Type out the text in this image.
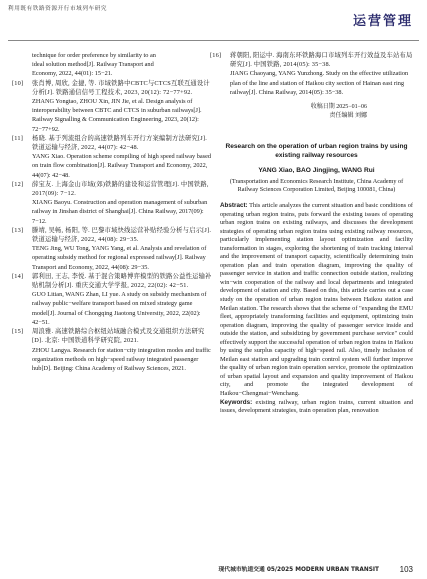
利用既有铁路资源开行市域列车研究
运营管理
technique for order preference by similarity to an
ideal solution method[J]. Railway Transport and
Economy, 2022, 44(01): 15−21.
[10] 张肖博, 周欣, 金捷, 等. 市域铁路中CBTC与CTCS互联互通设计分析[J]. 铁路通信信号工程技术, 2023, 20(12): 72−77+92.
ZHANG Yongtao, ZHOU Xin, JIN Jie, et al. Design analysis of interoperability between CBTC and CTCS in suburban railways[J]. Railway Signalling & Communication Engineering, 2023, 20(12): 72−77+92.
[11] 杨晓. 基于列流组合的高速铁路列车开行方案编制方法研究[J]. 铁道运输与经济, 2022, 44(07): 42−48.
YANG Xiao. Operation scheme compiling of high speed railway based on train flow combination[J]. Railway Transport and Economy, 2022, 44(07): 42−48.
[12] 薛宝友. 上海金山市域(郊)铁路的建设和运营管理[J]. 中国铁路, 2017(09): 7−12.
XIANG Baoyu. Construction and operation management of suburban railway in Jinshan district of Shanghai[J]. China Railway, 2017(09): 7−12.
[13] 滕靖, 吴畅, 杨阳, 等. 巴黎市域快线运营补贴经验分析与启示[J]. 铁道运输与经济, 2022, 44(08): 29−35.
TENG Jing, WU Tong, YANG Yang, et al. Analysis and revelation of operating subsidy method for regional expressed railway[J]. Railway Transport and Economy, 2022, 44(08): 29−35.
[14] 郭利田, 王志, 李悦. 基于混合策略博弈模型的铁路公益性运输补贴机制分析[J]. 重庆交通大学学报, 2022, 22(02): 42−51.
GUO Litian, WANG Zhan, LI yue. A study on subsidy mechanism of railway public−welfare transport based on mixed strategy game model[J]. Journal of Chongqing Jiaotong University, 2022, 22(02): 42−51.
[15] 周浪雅. 高速铁路综合枢纽站域融合模式及交通组织方法研究[D]. 北京: 中国铁道科学研究院, 2021.
ZHOU Langya. Research for station−city integration modes and traffic organization methods on high−speed railway integrated passenger hub[D]. Beijing: China Academy of Railway Sciences, 2021.
[16] 蒋朝阳, 阳运中. 海南东环铁路海口市域列车开行效益及车站布局研究[J]. 中国铁路, 2014(05): 35−38.
JIANG Chaoyang, YANG Yunzhong. Study on the effective utilization plan of the line and station of Haikou city section of Hainan east ring railway[J]. China Railway, 2014(05): 35−38.
收稿日期 2025−01−06
责任编辑 刘娜
Research on the operation of urban region trains by using existing railway resources
YANG Xiao, BAO Jingjing, WANG Rui
(Transportation and Economics Research Institute, China Academy of Railway Sciences Corporation Limited, Beijing 100081, China)
Abstract: This article analyzes the current situation and basic conditions of operating urban region trains, puts forward the existing issues of operating urban region trains on existing railways, and discusses the development strategies of operating urban region trains using existing railway resources, particularly implementing station layout optimization and facility transformation in stages, exploring the shortening of train tracking interval and the improvement of transport capacity, scientifically determining train operation plan and train operation diagram, improving the quality of passenger service in station and traffic connection outside station, realizing win−win cooperation of the railway and local departments and integrated development of station and city. Based on this, this article carries out a case study on the operation of urban region trains between Haikou station and Meilan station. The research shows that the scheme of "expanding the EMU fleet, appropriately transforming facilities and equipment, optimizing train operation diagram, improving the quality of passenger service inside and outside the station, and subsidizing by government purchase service" could effectively support the successful operation of urban region trains in Haikou by using the surplus capacity of high−speed rail. Also, timely inclusion of Meilan east station and upgrading train control system will further improve the quality of urban region train operation service, promote the optimization of urban spatial layout and expansion and quality improvement of Haikou city, and promote the integrated development of Haikou−Chengmai−Wenchang.
Keywords: existing railway, urban region trains, current situation and issues, development strategies, train operation plan, renovation
现代城市轨道交通 05/2025 MODERN URBAN TRANSIT	103
